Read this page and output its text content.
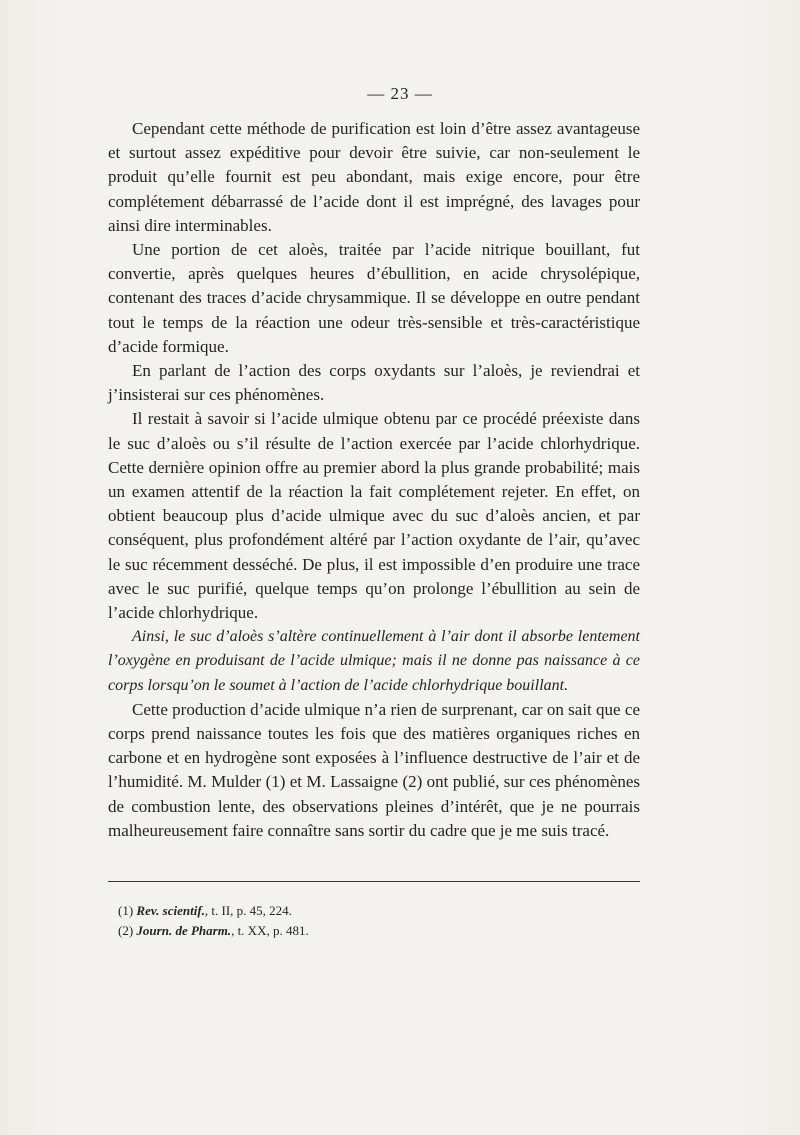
— 23 —

Cependant cette méthode de purification est loin d’être assez avantageuse et surtout assez expéditive pour devoir être suivie, car non-seulement le produit qu’elle fournit est peu abondant, mais exige encore, pour être complétement débarrassé de l’acide dont il est imprégné, des lavages pour ainsi dire interminables.

Une portion de cet aloès, traitée par l’acide nitrique bouillant, fut convertie, après quelques heures d’ébullition, en acide chrysolépique, contenant des traces d’acide chrysammique. Il se développe en outre pendant tout le temps de la réaction une odeur très-sensible et très-caractéristique d’acide formique.

En parlant de l’action des corps oxydants sur l’aloès, je reviendrai et j’insisterai sur ces phénomènes.

Il restait à savoir si l’acide ulmique obtenu par ce procédé préexiste dans le suc d’aloès ou s’il résulte de l’action exercée par l’acide chlorhydrique. Cette dernière opinion offre au premier abord la plus grande probabilité; mais un examen attentif de la réaction la fait complétement rejeter. En effet, on obtient beaucoup plus d’acide ulmique avec du suc d’aloès ancien, et par conséquent, plus profondément altéré par l’action oxydante de l’air, qu’avec le suc récemment desséché. De plus, il est impossible d’en produire une trace avec le suc purifié, quelque temps qu’on prolonge l’ébullition au sein de l’acide chlorhydrique.

Ainsi, le suc d’aloès s’altère continuellement à l’air dont il absorbe lentement l’oxygène en produisant de l’acide ulmique; mais il ne donne pas naissance à ce corps lorsqu’on le soumet à l’action de l’acide chlorhydrique bouillant.

Cette production d’acide ulmique n’a rien de surprenant, car on sait que ce corps prend naissance toutes les fois que des matières organiques riches en carbone et en hydrogène sont exposées à l’influence destructive de l’air et de l’humidité. M. Mulder (1) et M. Lassaigne (2) ont publié, sur ces phénomènes de combustion lente, des observations pleines d’intérêt, que je ne pourrais malheureusement faire connaître sans sortir du cadre que je me suis tracé.

(1) Rev. scientif., t. II, p. 45, 224.
(2) Journ. de Pharm., t. XX, p. 481.
